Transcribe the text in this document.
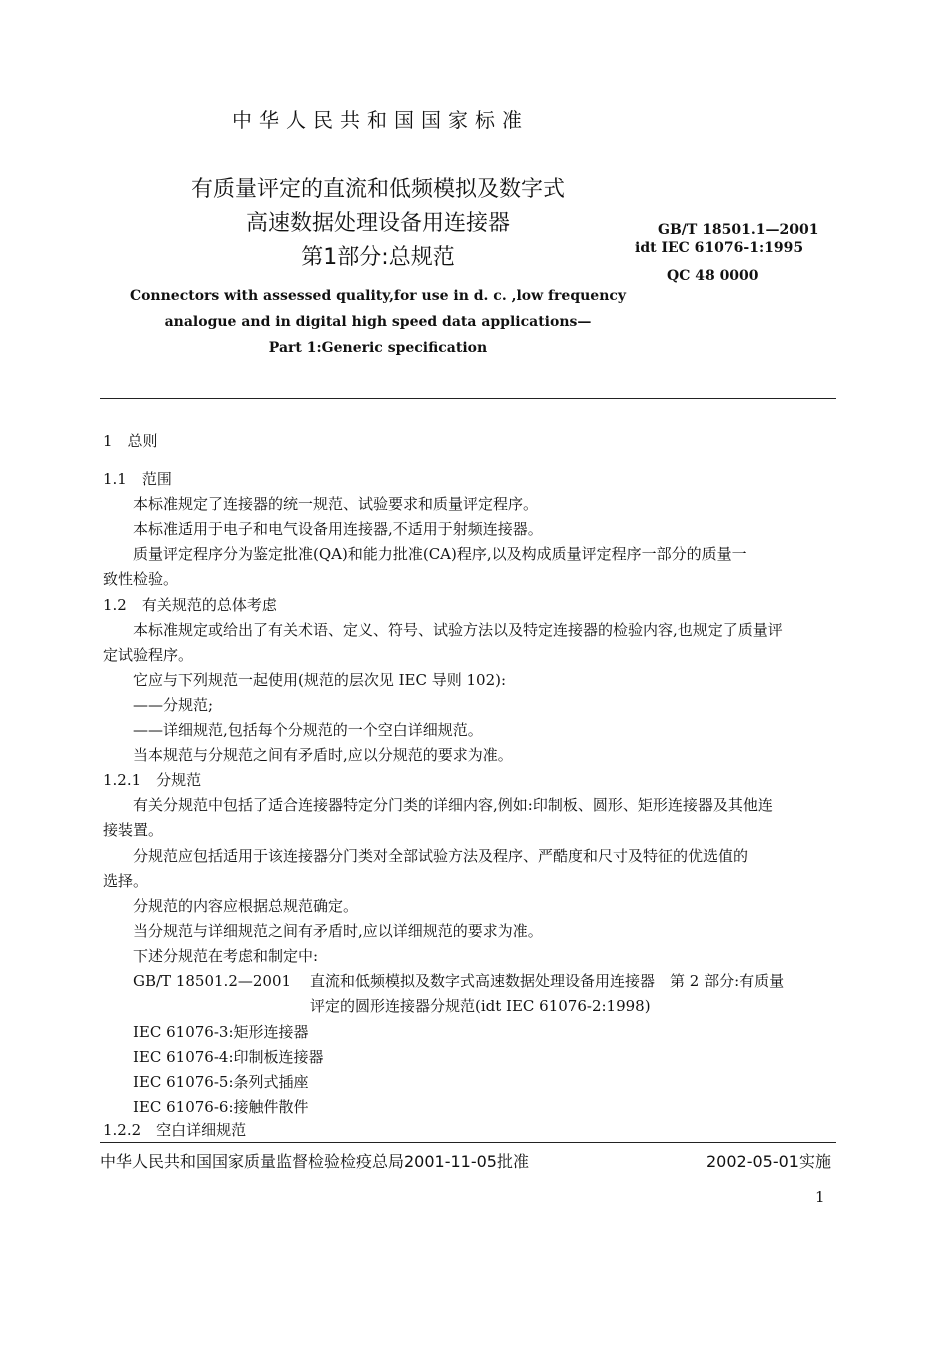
中华人民共和国国家标准
有质量评定的直流和低频模拟及数字式
高速数据处理设备用连接器
第1部分:总规范
GB/T 18501.1—2001
idt IEC 61076-1:1995
QC 48 0000
Connectors with assessed quality,for use in d. c. ,low frequency
analogue and in digital high speed data applications—
Part 1:Generic specification
1　总则
1.1　范围
本标准规定了连接器的统一规范、试验要求和质量评定程序。
本标准适用于电子和电气设备用连接器,不适用于射频连接器。
质量评定程序分为鉴定批准(QA)和能力批准(CA)程序,以及构成质量评定程序一部分的质量一
致性检验。
1.2　有关规范的总体考虑
本标准规定或给出了有关术语、定义、符号、试验方法以及特定连接器的检验内容,也规定了质量评
定试验程序。
它应与下列规范一起使用(规范的层次见 IEC 导则 102):
——分规范;
——详细规范,包括每个分规范的一个空白详细规范。
当本规范与分规范之间有矛盾时,应以分规范的要求为准。
1.2.1　分规范
有关分规范中包括了适合连接器特定分门类的详细内容,例如:印制板、圆形、矩形连接器及其他连
接装置。
分规范应包括适用于该连接器分门类对全部试验方法及程序、严酷度和尺寸及特征的优选值的
选择。
分规范的内容应根据总规范确定。
当分规范与详细规范之间有矛盾时,应以详细规范的要求为准。
下述分规范在考虑和制定中:
GB/T 18501.2—2001 直流和低频模拟及数字式高速数据处理设备用连接器　第 2 部分:有质量
评定的圆形连接器分规范(idt IEC 61076-2:1998)
IEC 61076-3:矩形连接器
IEC 61076-4:印制板连接器
IEC 61076-5:条列式插座
IEC 61076-6:接触件散件
1.2.2　空白详细规范
中华人民共和国国家质量监督检验检疫总局2001-11-05批准	2002-05-01实施
1
